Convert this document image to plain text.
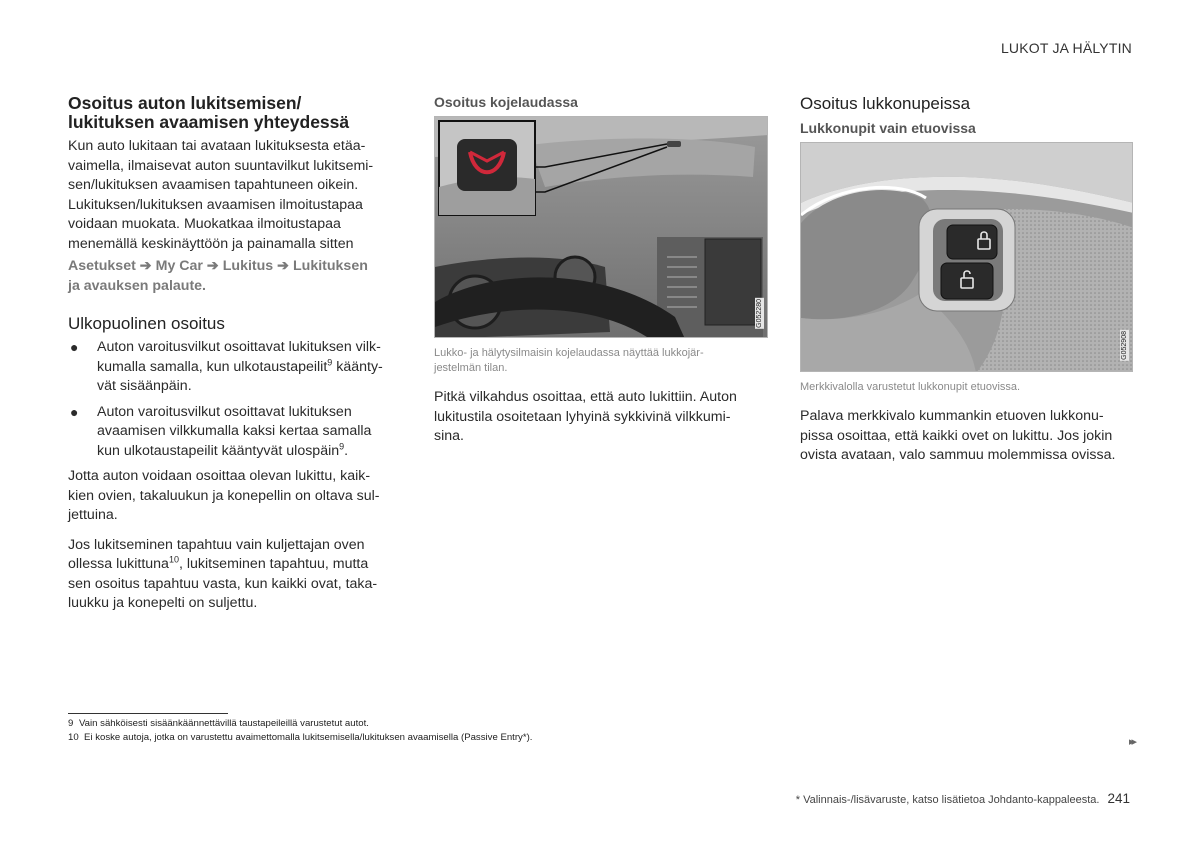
LUKOT JA HÄLYTIN
Osoitus auton lukitsemisen/
lukituksen avaamisen yhteydessä

Kun auto lukitaan tai avataan lukituksesta etäa-
vaimella, ilmaisevat auton suuntavilkut lukitsemi-
sen/lukituksen avaamisen tapahtuneen oikein.
Lukituksen/lukituksen avaamisen ilmoitustapaa
voidaan muokata. Muokatkaa ilmoitustapaa
menemällä keskinäyttöön ja painamalla sitten

Asetukset ➔ My Car ➔ Lukitus ➔ Lukituksen
ja avauksen palaute.

Ulkopuolinen osoitus
● Auton varoitusvilkut osoittavat lukituksen vilk-
kumalla samalla, kun ulkotaustapeilit$^9$ käänty-
vät sisäänpäin.
● Auton varoitusvilkut osoittavat lukituksen
avaamisen vilkkumalla kaksi kertaa samalla
kun ulkotaustapeilit kääntyvät ulospäin$^9$.

Jotta auton voidaan osoittaa olevan lukittu, kaik-
kien ovien, takaluukun ja konepellin on oltava sul-
jettuina.

Jos lukitseminen tapahtuu vain kuljettajan oven
ollessa lukittuna$^{10}$, lukitseminen tapahtuu, mutta
sen osoitus tapahtuu vasta, kun kaikki ovat, taka-
luukku ja konepelti on suljettu.

Osoitus kojelaudassa
G052280

Lukko- ja hälytysilmaisin kojelaudassa näyttää lukkojär-
jestelmän tilan.

Pitkä vilkahdus osoittaa, että auto lukittiin. Auton
lukitustila osoitetaan lyhyinä sykkivinä vilkkumi-
sina.

Osoitus lukkonupeissa
Lukkonupit vain etuovissa
G052908

Merkkivalolla varustetut lukkonupit etuovissa.

Palava merkkivalo kummankin etuoven lukkonu-
pissa osoittaa, että kaikki ovet on lukittu. Jos jokin
ovista avataan, valo sammuu molemmissa ovissa.

9 Vain sähköisesti sisäänkäännettävillä taustapeileillä varustetut autot.
10 Ei koske autoja, jotka on varustettu avaimettomalla lukitsemisella/lukituksen avaamisella (Passive Entry*).	▸▸
* Valinnais-/lisävaruste, katso lisätietoa Johdanto-kappaleesta. 241
